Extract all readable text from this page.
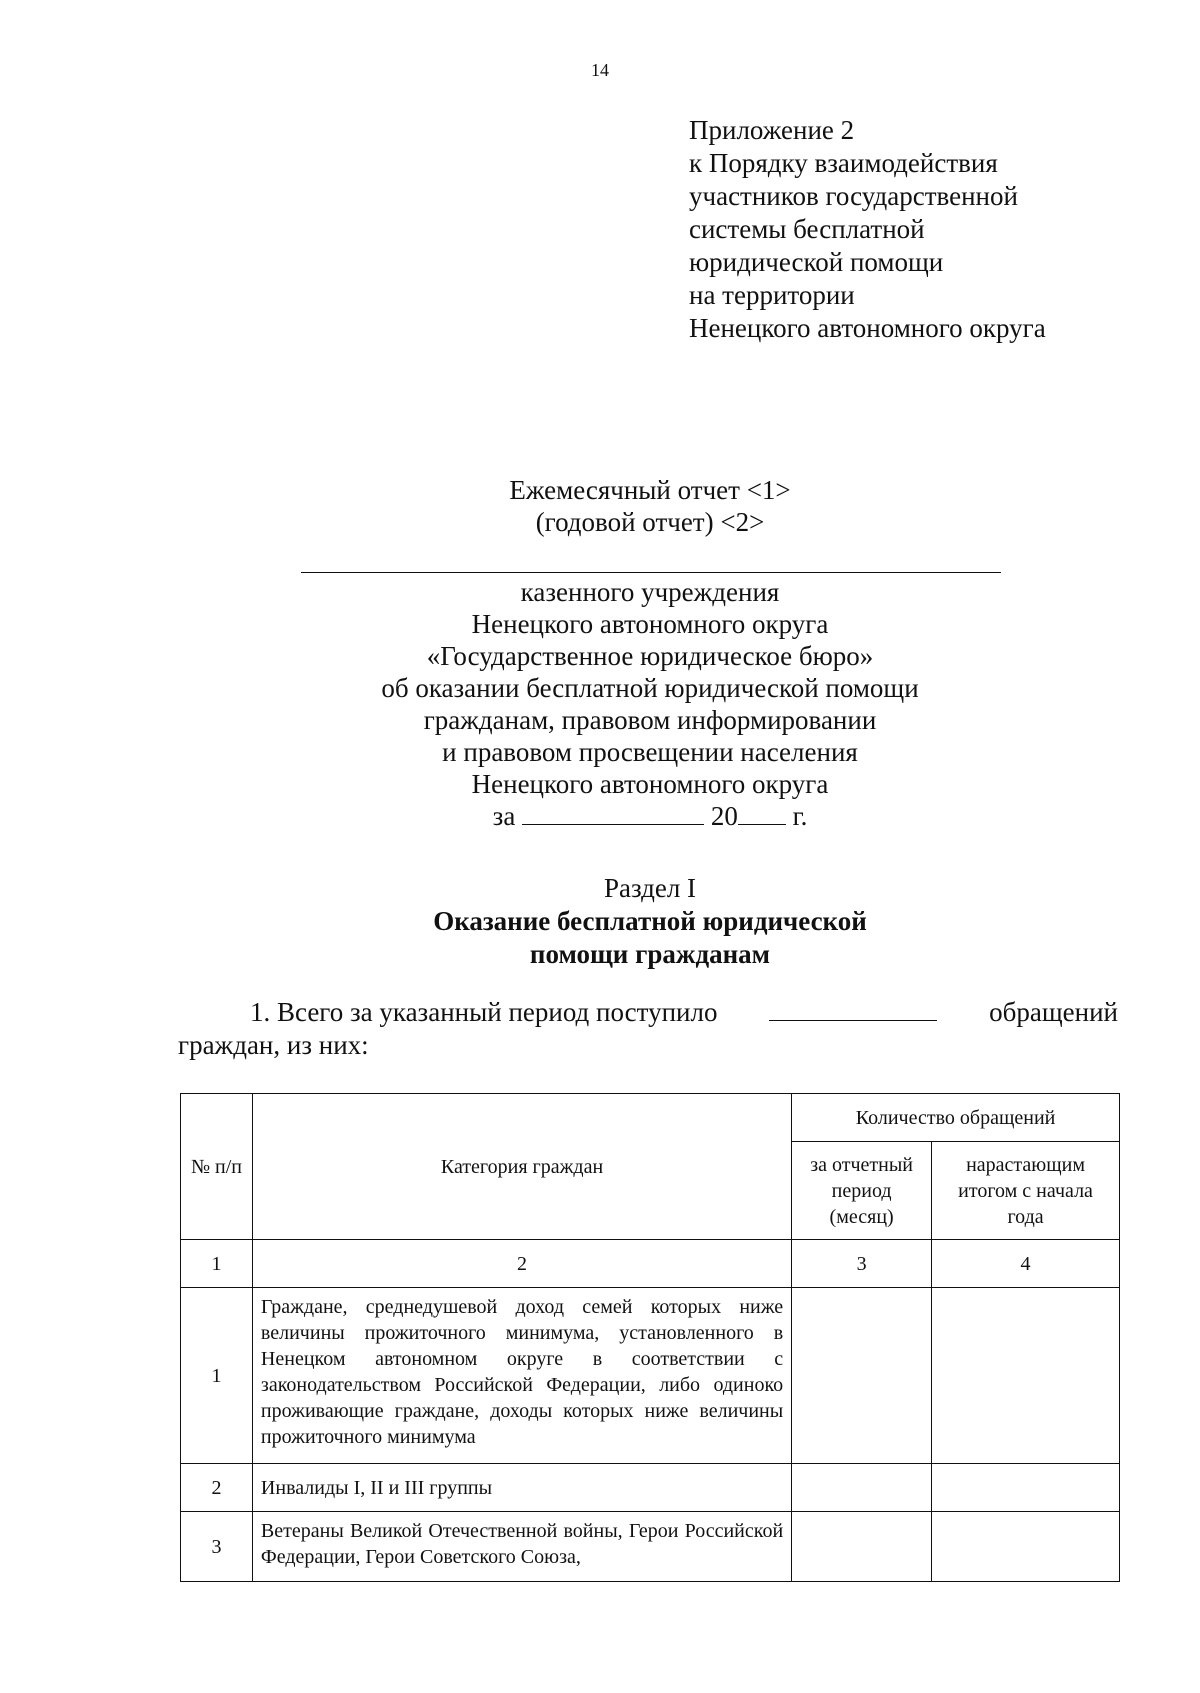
14
Приложение 2
к Порядку взаимодействия
участников государственной
системы бесплатной
юридической помощи
на территории
Ненецкого автономного округа
Ежемесячный отчет <1>
(годовой отчет) <2>
казенного учреждения
Ненецкого автономного округа
«Государственное юридическое бюро»
об оказании бесплатной юридической помощи
гражданам, правовом информировании
и правовом просвещении населения
Ненецкого автономного округа
за	20 г.
Раздел I
Оказание бесплатной юридической
помощи гражданам
1. Всего за указанный период поступило	обращений
граждан, из них:
№ п/п	Категория граждан	Количество обращений	
		за отчетный период (месяц)	нарастающим итогом с начала года
1	2	3	4
1	Граждане, среднедушевой доход семей которых ниже величины прожиточного минимума, установленного в Ненецком автономном округе в соответствии с законодательством Российской Федерации, либо одиноко проживающие граждане, доходы которых ниже величины прожиточного минимума		
2	Инвалиды I, II и III группы		
3	Ветераны Великой Отечественной войны, Герои Российской Федерации, Герои Советского Союза,		
